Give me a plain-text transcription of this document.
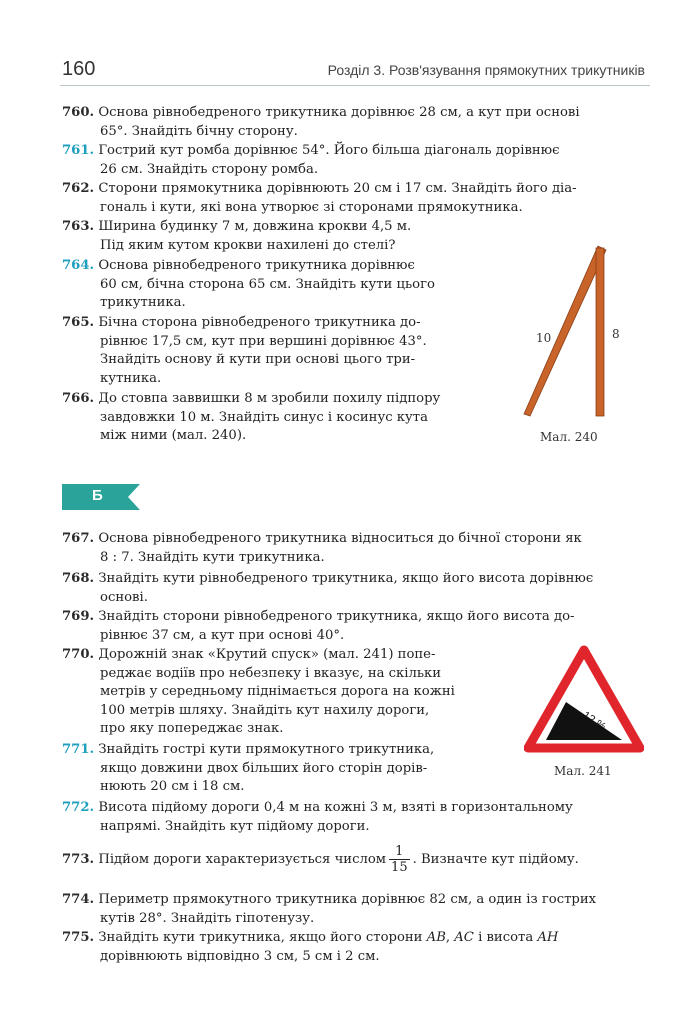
160	Розділ 3. Розв'язування прямокутних трикутників
760. Основа рівнобедреного трикутника дорівнює 28 см, а кут при основі
65°. Знайдіть бічну сторону.
761. Гострий кут ромба дорівнює 54°. Його більша діагональ дорівнює
26 см. Знайдіть сторону ромба.
762. Сторони прямокутника дорівнюють 20 см і 17 см. Знайдіть його діа-
гональ і кути, які вона утворює зі сторонами прямокутника.
763. Ширина будинку 7 м, довжина крокви 4,5 м.
Під яким кутом крокви нахилені до стелі?
764. Основа рівнобедреного трикутника дорівнює
60 см, бічна сторона 65 см. Знайдіть кути цього
трикутника.
765. Бічна сторона рівнобедреного трикутника до-
рівнює 17,5 см, кут при вершині дорівнює 43°.
Знайдіть основу й кути при основі цього три-
кутника.
766. До стовпа заввишки 8 м зробили похилу підпору
завдовжки 10 м. Знайдіть синус і косинус кута
між ними (мал. 240).
10	8
Мал. 240
Б
767. Основа рівнобедреного трикутника відноситься до бічної сторони як
8 : 7. Знайдіть кути трикутника.
768. Знайдіть кути рівнобедреного трикутника, якщо його висота дорівнює
основі.
769. Знайдіть сторони рівнобедреного трикутника, якщо його висота до-
рівнює 37 см, а кут при основі 40°.
770. Дорожній знак «Крутий спуск» (мал. 241) попе-
реджає водіїв про небезпеку і вказує, на скільки
метрів у середньому піднімається дорога на кожні
100 метрів шляху. Знайдіть кут нахилу дороги,
про яку попереджає знак.
771. Знайдіть гострі кути прямокутного трикутника,
якщо довжини двох більших його сторін дорів-
нюють 20 см і 18 см.
772. Висота підйому дороги 0,4 м на кожні 3 м, взяті в горизонтальному
напрямі. Знайдіть кут підйому дороги.
12 %
Мал. 241
773. Підйом дороги характеризується числом $\frac{1}{15}$ . Визначте кут підйому.
774. Периметр прямокутного трикутника дорівнює 82 см, а один із гострих
кутів 28°. Знайдіть гіпотенузу.
775. Знайдіть кути трикутника, якщо його сторони AB, AC і висота AH
дорівнюють відповідно 3 см, 5 см і 2 см.
